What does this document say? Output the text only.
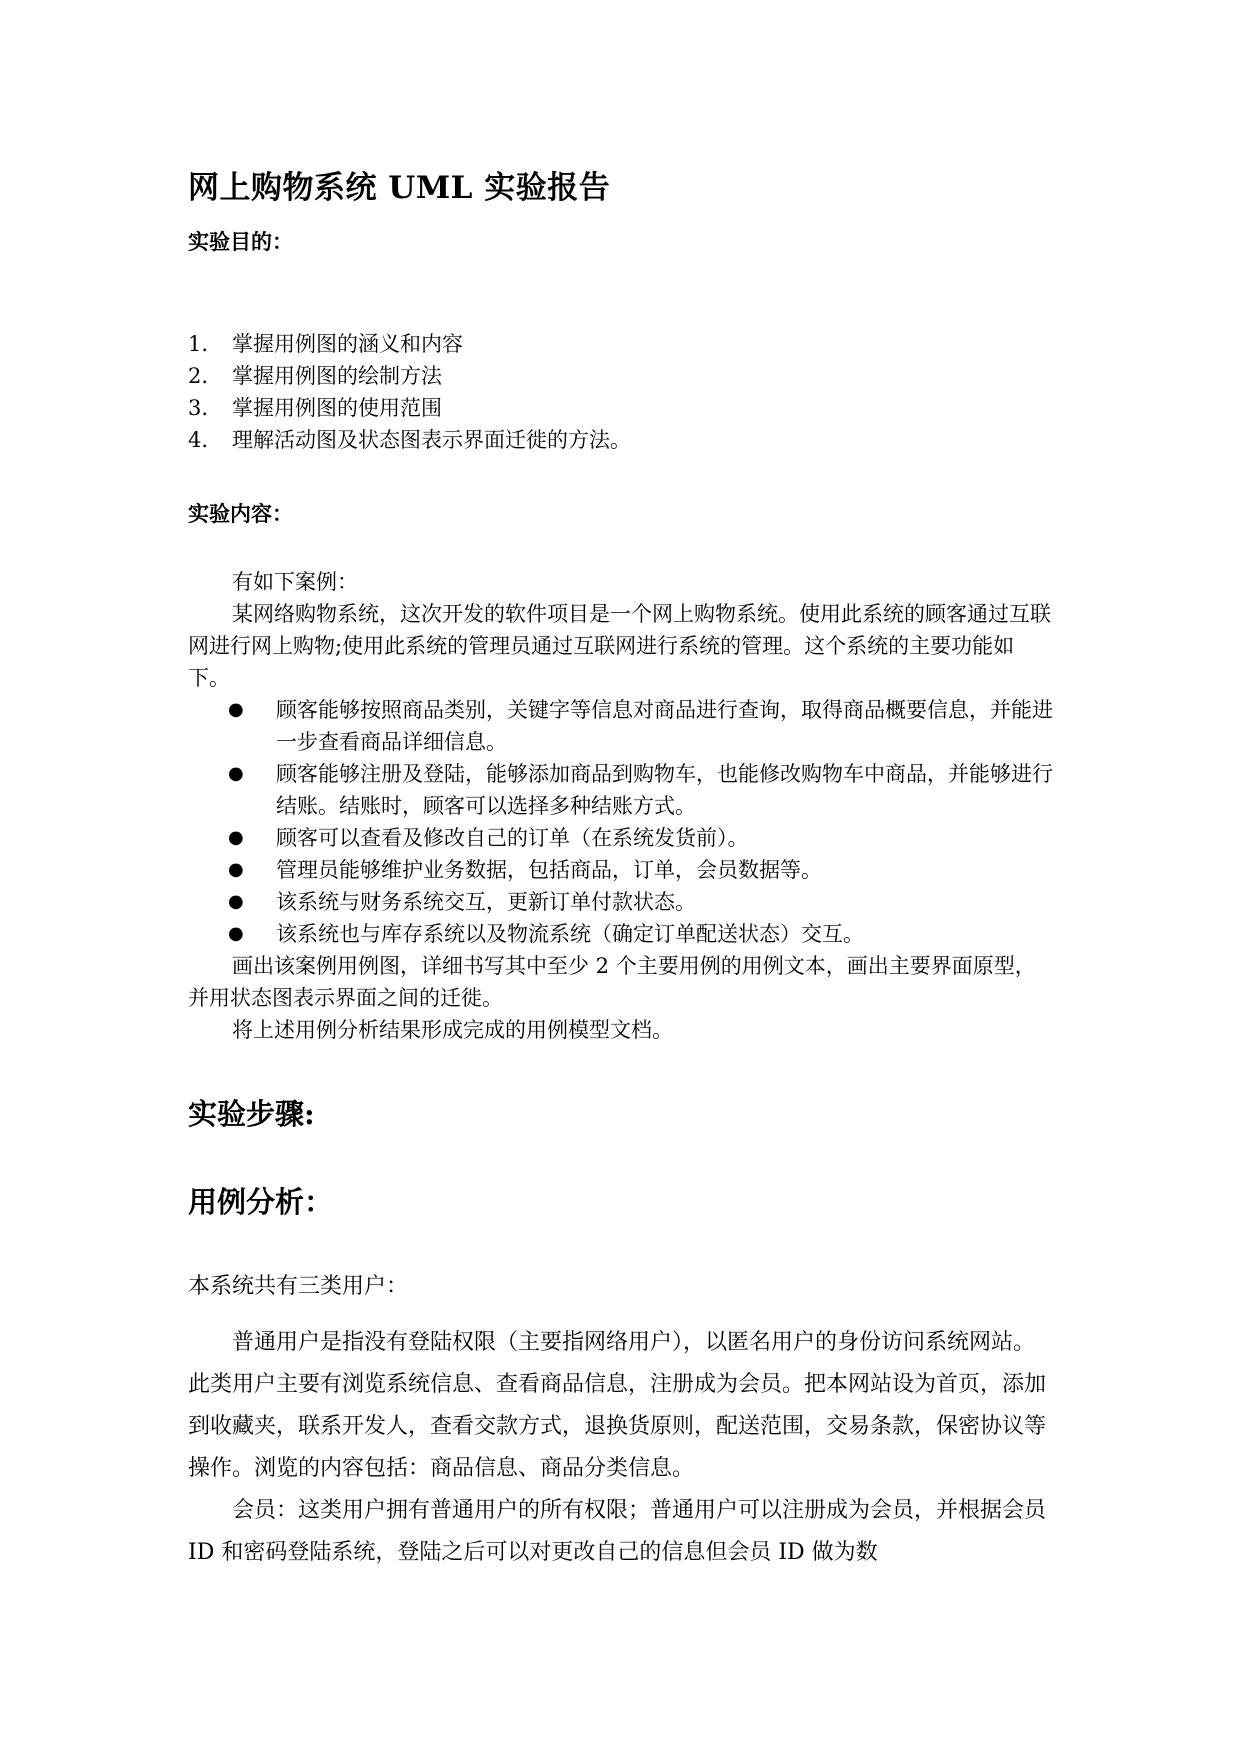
网上购物系统 UML 实验报告
实验目的：
1. 掌握用例图的涵义和内容
2. 掌握用例图的绘制方法
3. 掌握用例图的使用范围
4. 理解活动图及状态图表示界面迁徙的方法。
实验内容：

有如下案例：

某网络购物系统，这次开发的软件项目是一个网上购物系统。使用此系统的顾客通过互联网进行网上购物;使用此系统的管理员通过互联网进行系统的管理。这个系统的主要功能如下。

● 顾客能够按照商品类别，关键字等信息对商品进行查询，取得商品概要信息，并能进一步查看商品详细信息。
● 顾客能够注册及登陆，能够添加商品到购物车，也能修改购物车中商品，并能够进行结账。结账时，顾客可以选择多种结账方式。
● 顾客可以查看及修改自己的订单（在系统发货前）。
● 管理员能够维护业务数据，包括商品，订单，会员数据等。
● 该系统与财务系统交互，更新订单付款状态。
● 该系统也与库存系统以及物流系统（确定订单配送状态）交互。

画出该案例用例图，详细书写其中至少 2 个主要用例的用例文本，画出主要界面原型，并用状态图表示界面之间的迁徙。

将上述用例分析结果形成完成的用例模型文档。

实验步骤:
用例分析：

本系统共有三类用户：

普通用户是指没有登陆权限（主要指网络用户），以匿名用户的身份访问系统网站。此类用户主要有浏览系统信息、查看商品信息，注册成为会员。把本网站设为首页，添加到收藏夹，联系开发人，查看交款方式，退换货原则，配送范围，交易条款，保密协议等操作。浏览的内容包括：商品信息、商品分类信息。

会员：这类用户拥有普通用户的所有权限；普通用户可以注册成为会员，并根据会员 ID 和密码登陆系统，登陆之后可以对更改自己的信息但会员 ID 做为数
